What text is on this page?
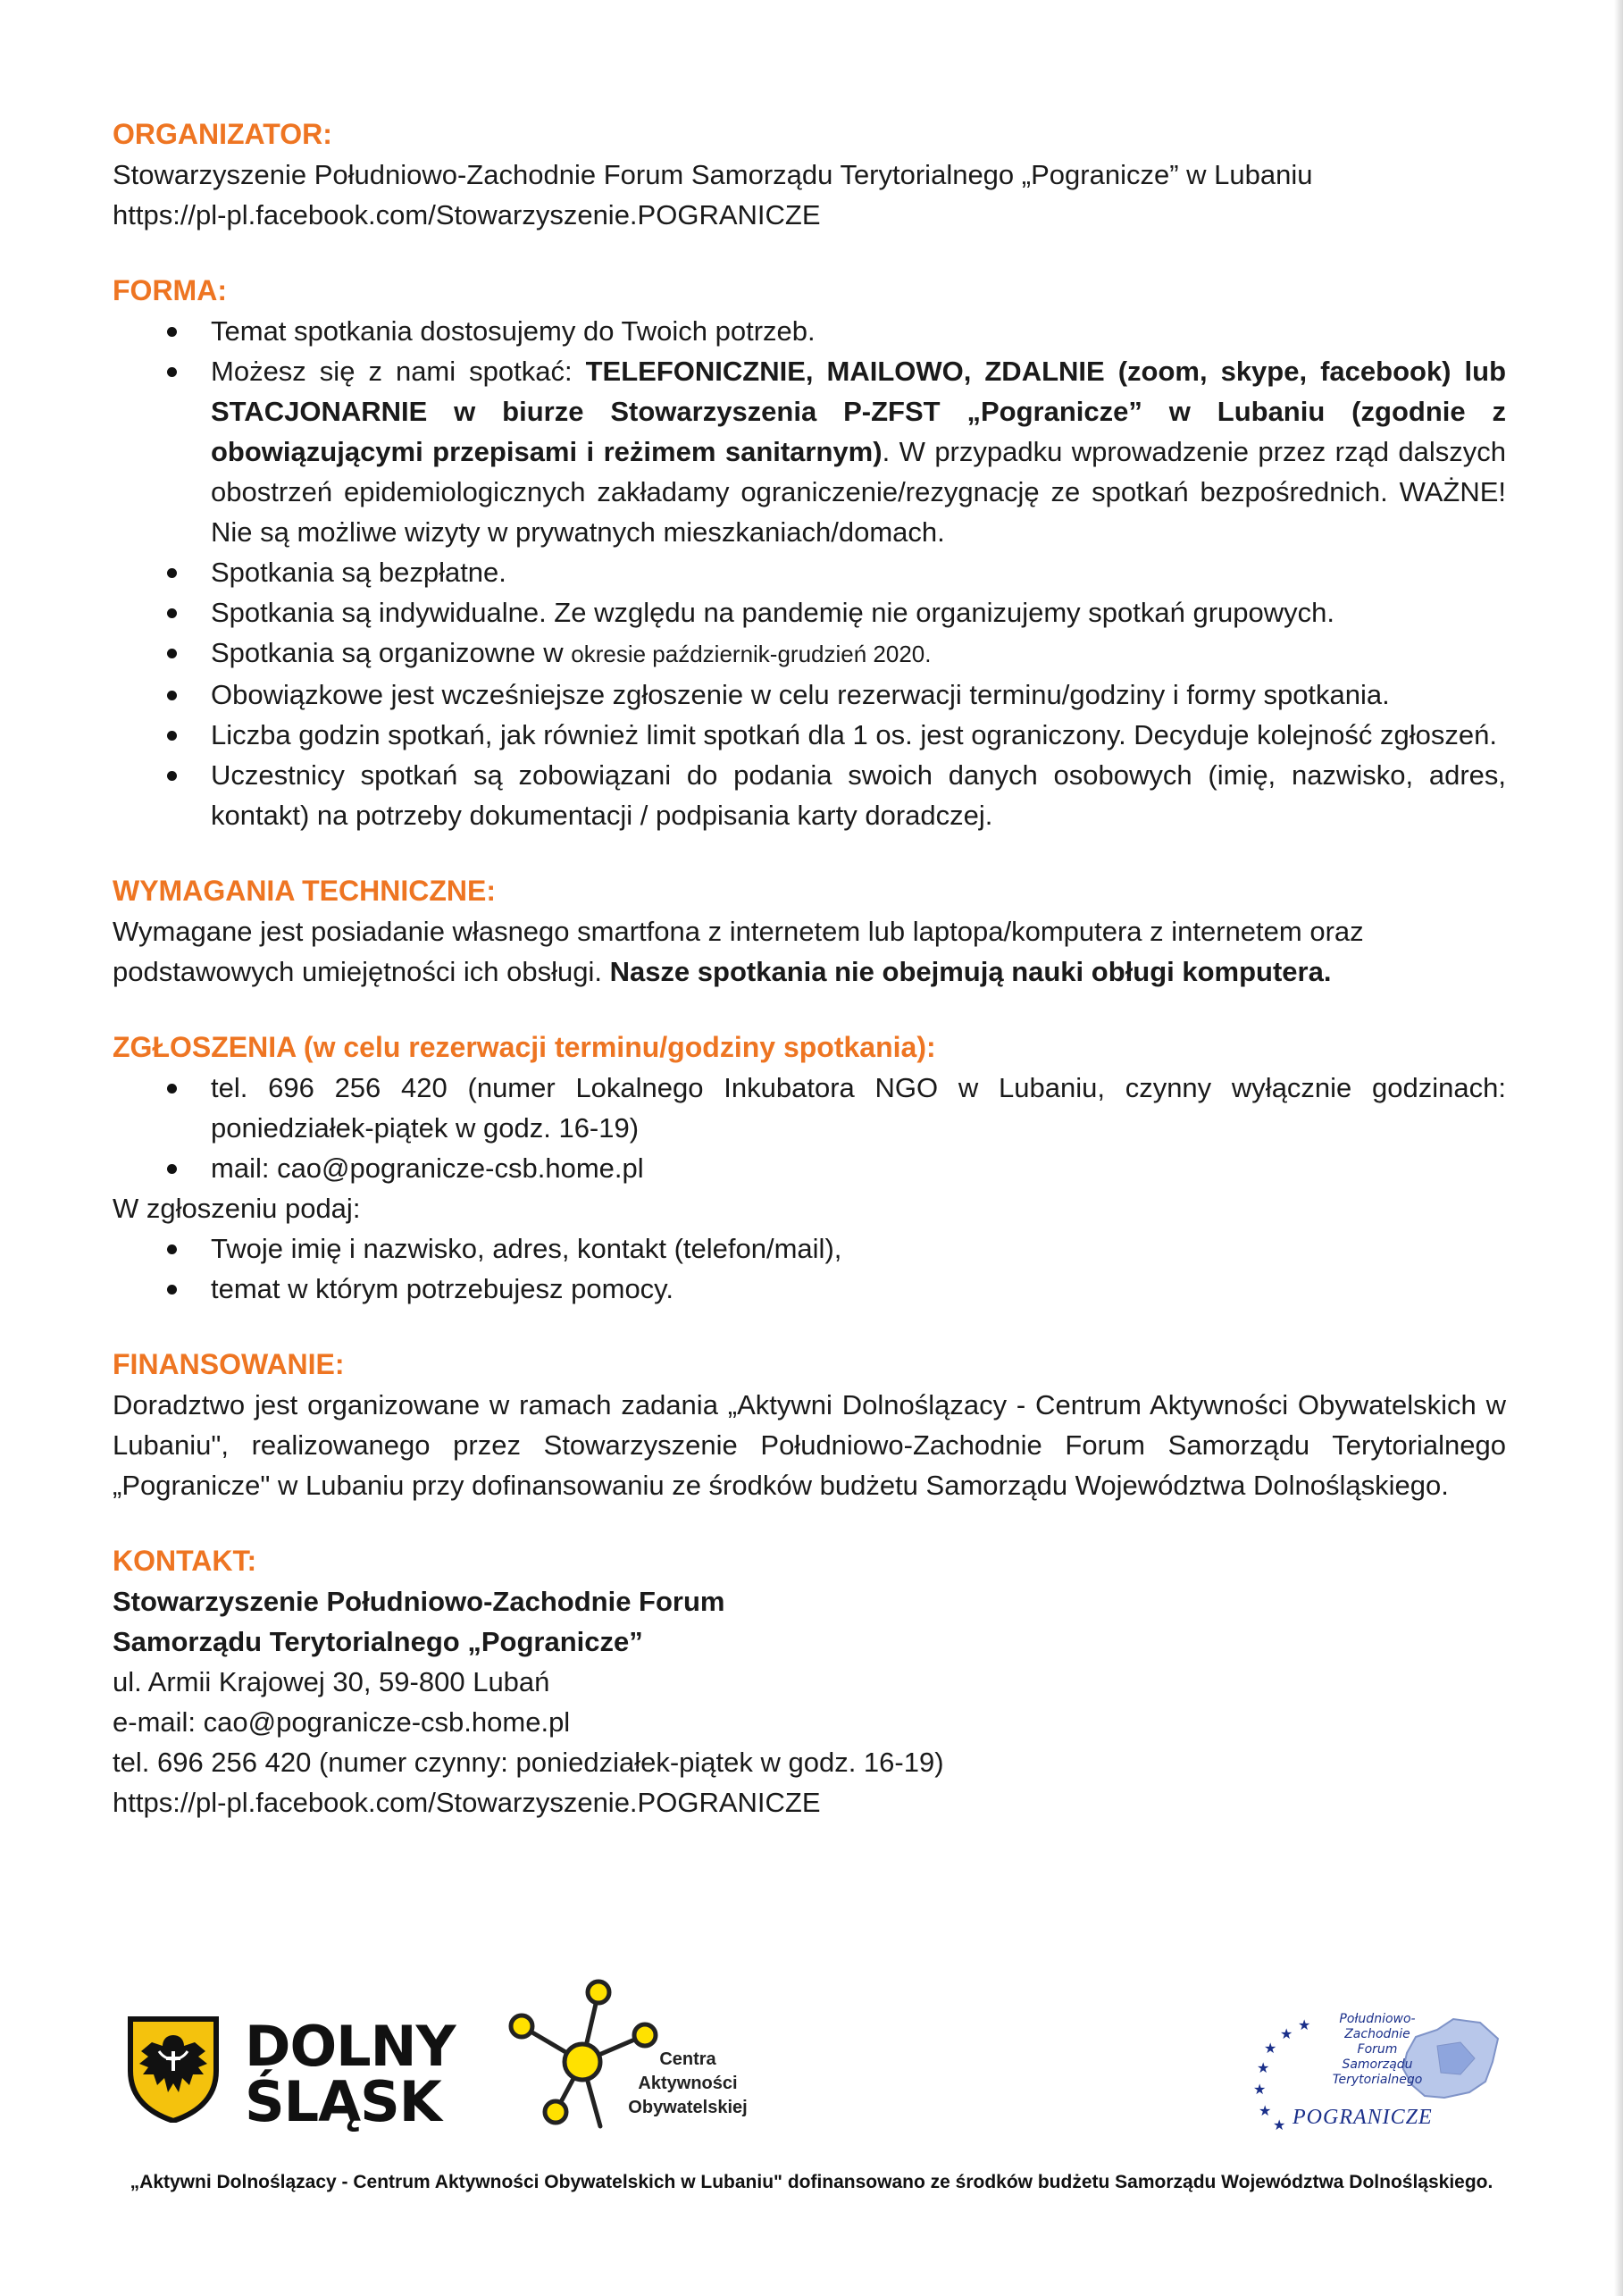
ORGANIZATOR:

Stowarzyszenie Południowo-Zachodnie Forum Samorządu Terytorialnego „Pogranicze” w Lubaniu

https://pl-pl.facebook.com/Stowarzyszenie.POGRANICZE

FORMA:

Temat spotkania dostosujemy do Twoich potrzeb.
Możesz się z nami spotkać: TELEFONICZNIE, MAILOWO, ZDALNIE (zoom, skype, facebook) lub STACJONARNIE w biurze Stowarzyszenia P-ZFST „Pogranicze” w Lubaniu (zgodnie z obowiązującymi przepisami i reżimem sanitarnym). W przypadku wprowadzenie przez rząd dalszych obostrzeń epidemiologicznych zakładamy ograniczenie/rezygnację ze spotkań bezpośrednich. WAŻNE! Nie są możliwe wizyty w prywatnych mieszkaniach/domach.
Spotkania są bezpłatne.
Spotkania są indywidualne. Ze względu na pandemię nie organizujemy spotkań grupowych.
Spotkania są organizowne w okresie październik-grudzień 2020.
Obowiązkowe jest wcześniejsze zgłoszenie w celu rezerwacji terminu/godziny i formy spotkania.
Liczba godzin spotkań, jak również limit spotkań dla 1 os. jest ograniczony. Decyduje kolejność zgłoszeń.
Uczestnicy spotkań są zobowiązani do podania swoich danych osobowych (imię, nazwisko, adres, kontakt) na potrzeby dokumentacji / podpisania karty doradczej.

WYMAGANIA TECHNICZNE:

Wymagane jest posiadanie własnego smartfona z internetem lub laptopa/komputera z internetem oraz podstawowych umiejętności ich obsługi. Nasze spotkania nie obejmują nauki obługi komputera.

ZGŁOSZENIA (w celu rezerwacji terminu/godziny spotkania):

tel. 696 256 420 (numer Lokalnego Inkubatora NGO w Lubaniu, czynny wyłącznie godzinach: poniedziałek-piątek w godz. 16-19)
mail: cao@pogranicze-csb.home.pl

W zgłoszeniu podaj:

Twoje imię i nazwisko, adres, kontakt (telefon/mail),
temat w którym potrzebujesz pomocy.

FINANSOWANIE:

Doradztwo jest organizowane w ramach zadania „Aktywni Dolnoślązacy - Centrum Aktywności Obywatelskich w Lubaniu", realizowanego przez Stowarzyszenie Południowo-Zachodnie Forum Samorządu Terytorialnego „Pogranicze" w Lubaniu przy dofinansowaniu ze środków budżetu Samorządu Województwa Dolnośląskiego.

KONTAKT:

Stowarzyszenie Południowo-Zachodnie Forum

Samorządu Terytorialnego „Pogranicze”

ul. Armii Krajowej 30, 59-800 Lubań

e-mail: cao@pogranicze-csb.home.pl

tel. 696 256 420 (numer czynny: poniedziałek-piątek w godz. 16-19)

https://pl-pl.facebook.com/Stowarzyszenie.POGRANICZE

DOLNY
ŚLĄSK
Centra
Aktywności
Obywatelskiej
★
★
★
★
★
★
★
Południowo-
Zachodnie
Forum
Samorządu
Terytorialnego
POGRANICZE
„Aktywni Dolnoślązacy - Centrum Aktywności Obywatelskich w Lubaniu" dofinansowano ze środków budżetu Samorządu Województwa Dolnośląskiego.
